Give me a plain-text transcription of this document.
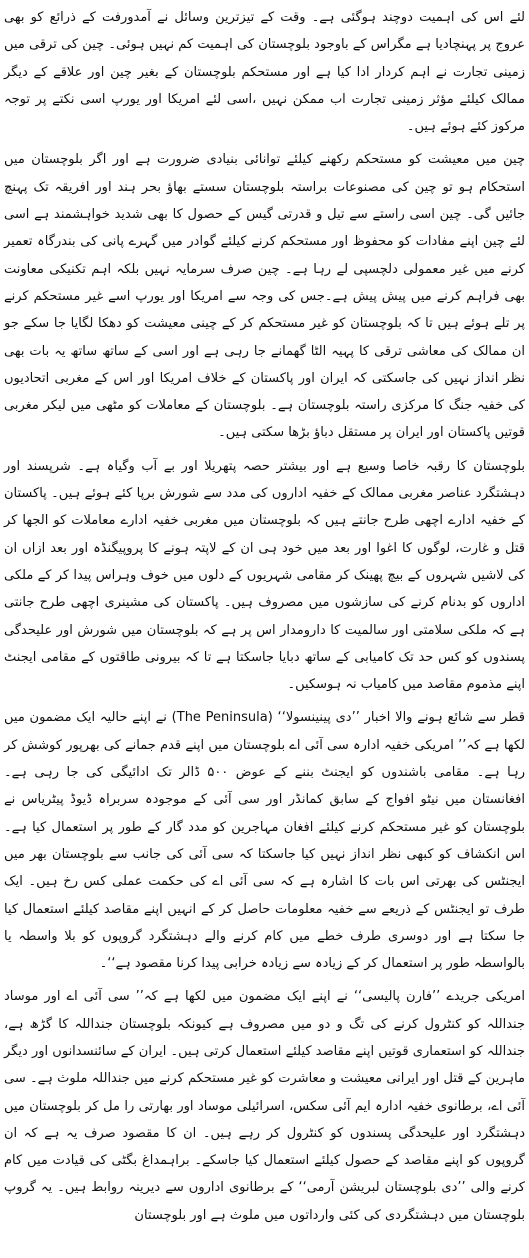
لئے اس کی اہمیت دوچند ہوگئی ہے۔ وقت کے تیزترین وسائل نے آمدورفت کے ذرائع کو بھی عروج پر پہنچادیا ہے مگراس کے باوجود بلوچستان کی اہمیت کم نہیں ہوئی۔ چین کی ترقی میں زمینی تجارت نے اہم کردار ادا کیا ہے اور مستحکم بلوچستان کے بغیر چین اور علاقے کے دیگر ممالک کیلئے مؤثر زمینی تجارت اب ممکن نہیں ،اسی لئے امریکا اور یورپ اسی نکتے پر توجہ مرکوز کئے ہوئے ہیں۔

چین میں معیشت کو مستحکم رکھنے کیلئے توانائی بنیادی ضرورت ہے اور اگر بلوچستان میں استحکام ہو تو چین کی مصنوعات براستہ بلوچستان سستے بھاؤ بحر ہند اور افریقہ تک پہنچ جائیں گی۔ چین اسی راستے سے تیل و قدرتی گیس کے حصول کا بھی شدید خواہشمند ہے اسی لئے چین اپنے مفادات کو محفوظ اور مستحکم کرنے کیلئے گوادر میں گہرے پانی کی بندرگاہ تعمیر کرنے میں غیر معمولی دلچسپی لے رہا ہے۔ چین صرف سرمایہ نہیں بلکہ اہم تکنیکی معاونت بھی فراہم کرنے میں پیش پیش ہے۔جس کی وجہ سے امریکا اور یورپ اسے غیر مستحکم کرنے پر تلے ہوئے ہیں تا کہ بلوچستان کو غیر مستحکم کر کے چینی معیشت کو دھکا لگایا جا سکے جو ان ممالک کی معاشی ترقی کا پہیہ الٹا گھمانے جا رہی ہے اور اسی کے ساتھ ساتھ یہ بات بھی نظر انداز نہیں کی جاسکتی کہ ایران اور پاکستان کے خلاف امریکا اور اس کے مغربی اتحادیوں کی خفیہ جنگ کا مرکزی راستہ بلوچستان ہے۔ بلوچستان کے معاملات کو مٹھی میں لیکر مغربی قوتیں پاکستان اور ایران پر مستقل دباؤ بڑھا سکتی ہیں۔

بلوچستان کا رقبہ خاصا وسیع ہے اور بیشتر حصہ پتھریلا اور بے آب وگیاہ ہے۔ شرپسند اور دہشتگرد عناصر مغربی ممالک کے خفیہ اداروں کی مدد سے شورش برپا کئے ہوئے ہیں۔ پاکستان کے خفیہ ادارے اچھی طرح جانتے ہیں کہ بلوچستان میں مغربی خفیہ ادارے معاملات کو الجھا کر قتل و غارت، لوگوں کا اغوا اور بعد میں خود ہی ان کے لاپتہ ہونے کا پروپیگنڈہ اور بعد ازاں ان کی لاشیں شہروں کے بیچ پھینک کر مقامی شہریوں کے دلوں میں خوف وہراس پیدا کر کے ملکی اداروں کو بدنام کرنے کی سازشوں میں مصروف ہیں۔ پاکستان کی مشینری اچھی طرح جانتی ہے کہ ملکی سلامتی اور سالمیت کا دارومدار اس پر ہے کہ بلوچستان میں شورش اور علیحدگی پسندوں کو کس حد تک کامیابی کے ساتھ دبایا جاسکتا ہے تا کہ بیرونی طاقتوں کے مقامی ایجنٹ اپنے مذموم مقاصد میں کامیاب نہ ہوسکیں۔

قطر سے شائع ہونے والا اخبار ’’دی پینینسولا‘‘ (The Peninsula) نے اپنے حالیہ ایک مضمون میں لکھا ہے کہ’’ امریکی خفیہ ادارہ سی آئی اے بلوچستان میں اپنے قدم جمانے کی بھرپور کوشش کر رہا ہے۔ مقامی باشندوں کو ایجنٹ بننے کے عوض ۵۰۰ ڈالر تک ادائیگی کی جا رہی ہے۔ افغانستان میں نیٹو افواج کے سابق کمانڈر اور سی آئی کے موجودہ سربراہ ڈیوڈ پیٹریاس نے بلوچستان کو غیر مستحکم کرنے کیلئے افغان مہاجرین کو مدد گار کے طور پر استعمال کیا ہے۔ اس انکشاف کو کبھی نظر انداز نہیں کیا جاسکتا کہ سی آئی کی جانب سے بلوچستان بھر میں ایجنٹس کی بھرتی اس بات کا اشارہ ہے کہ سی آئی اے کی حکمت عملی کس رخ ہیں۔ ایک طرف تو ایجنٹس کے ذریعے سے خفیہ معلومات حاصل کر کے انہیں اپنے مقاصد کیلئے استعمال کیا جا سکتا ہے اور دوسری طرف خطے میں کام کرنے والے دہشتگرد گروپوں کو بلا واسطہ یا بالواسطہ طور پر استعمال کر کے زیادہ سے زیادہ خرابی پیدا کرنا مقصود ہے‘‘۔

امریکی جریدے ’’فارن پالیسی‘‘ نے اپنے ایک مضمون میں لکھا ہے کہ’’ سی آئی اے اور موساد جنداللہ کو کنٹرول کرنے کی تگ و دو میں مصروف ہے کیونکہ بلوچستان جنداللہ کا گڑھ ہے، جنداللہ کو استعماری قوتیں اپنے مقاصد کیلئے استعمال کرتی ہیں۔ ایران کے سائنسدانوں اور دیگر ماہرین کے قتل اور ایرانی معیشت و معاشرت کو غیر مستحکم کرنے میں جنداللہ ملوث ہے۔ سی آئی اے، برطانوی خفیہ ادارہ ایم آئی سکس، اسرائیلی موساد اور بھارتی را مل کر بلوچستان میں دہشتگرد اور علیحدگی پسندوں کو کنٹرول کر رہے ہیں۔ ان کا مقصود صرف یہ ہے کہ ان گروپوں کو اپنے مقاصد کے حصول کیلئے استعمال کیا جاسکے۔ براہمداغ بگٹی کی قیادت میں کام کرنے والی ’’دی بلوچستان لبریشن آرمی‘‘ کے برطانوی اداروں سے دیرینہ روابط ہیں۔ یہ گروپ بلوچستان میں دہشتگردی کی کئی وارداتوں میں ملوث ہے اور بلوچستان
